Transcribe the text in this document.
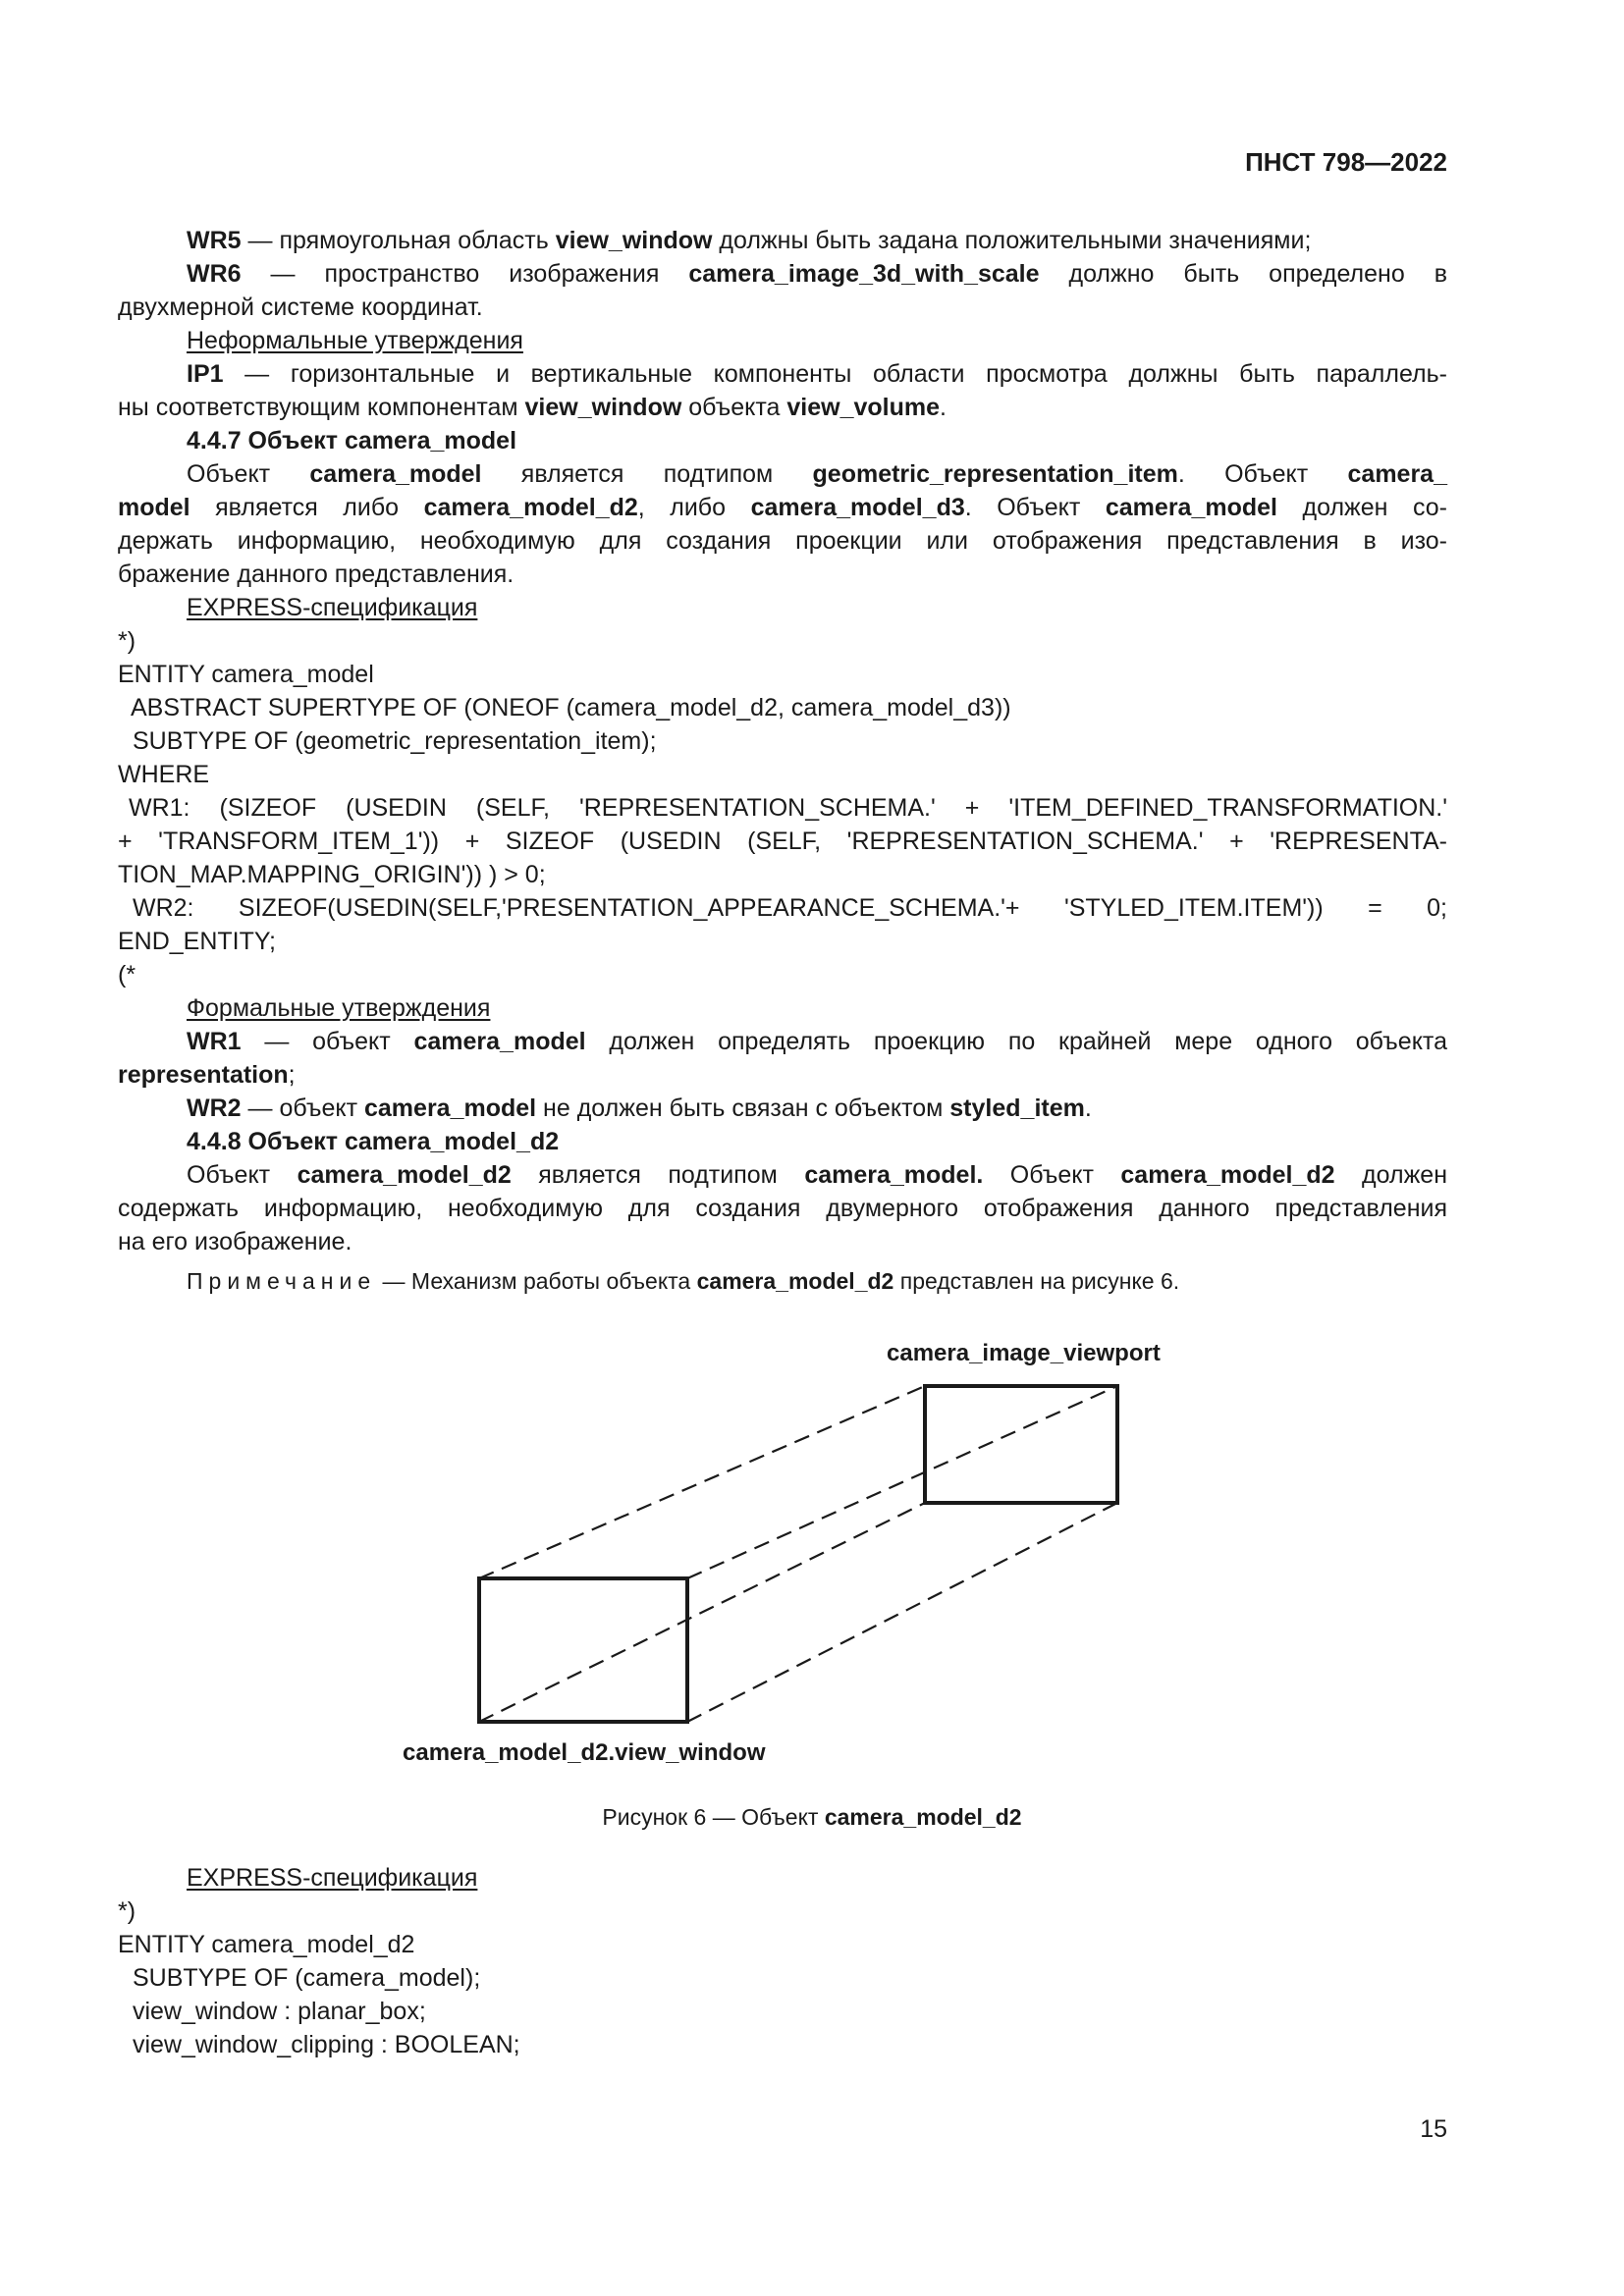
ПНСТ 798—2022
WR5 — прямоугольная область view_window должны быть задана положительными значениями;
WR6 — пространство изображения camera_image_3d_with_scale должно быть определено в
двухмерной системе координат.
Неформальные утверждения
IP1 — горизонтальные и вертикальные компоненты области просмотра должны быть параллель-
ны соответствующим компонентам view_window объекта view_volume.
4.4.7 Объект camera_model
Объект camera_model является подтипом geometric_representation_item. Объект camera_
model является либо camera_model_d2, либо camera_model_d3. Объект camera_model должен со-
держать информацию, необходимую для создания проекции или отображения представления в изо-
бражение данного представления.
EXPRESS-спецификация
*)
ENTITY camera_model
ABSTRACT SUPERTYPE OF (ONEOF (camera_model_d2, camera_model_d3))
SUBTYPE OF (geometric_representation_item);
WHERE
WR1: (SIZEOF (USEDIN (SELF, 'REPRESENTATION_SCHEMA.' + 'ITEM_DEFINED_TRANSFORMATION.'
+ 'TRANSFORM_ITEM_1')) + SIZEOF (USEDIN (SELF, 'REPRESENTATION_SCHEMA.' + 'REPRESENTA-
TION_MAP.MAPPING_ORIGIN')) ) > 0;
WR2: SIZEOF(USEDIN(SELF,'PRESENTATION_APPEARANCE_SCHEMA.'+ 'STYLED_ITEM.ITEM')) = 0;
END_ENTITY;
(*
Формальные утверждения
WR1 — объект camera_model должен определять проекцию по крайней мере одного объекта
representation;
WR2 — объект camera_model не должен быть связан с объектом styled_item.
4.4.8 Объект camera_model_d2
Объект camera_model_d2 является подтипом camera_model. Объект camera_model_d2 должен
содержать информацию, необходимую для создания двумерного отображения данного представления
на его изображение.
Примечание — Механизм работы объекта camera_model_d2 представлен на рисунке 6.
camera_image_viewport
camera_model_d2.view_window
Рисунок 6 — Объект camera_model_d2
EXPRESS-спецификация
*)
ENTITY camera_model_d2
SUBTYPE OF (camera_model);
view_window : planar_box;
view_window_clipping : BOOLEAN;
15
